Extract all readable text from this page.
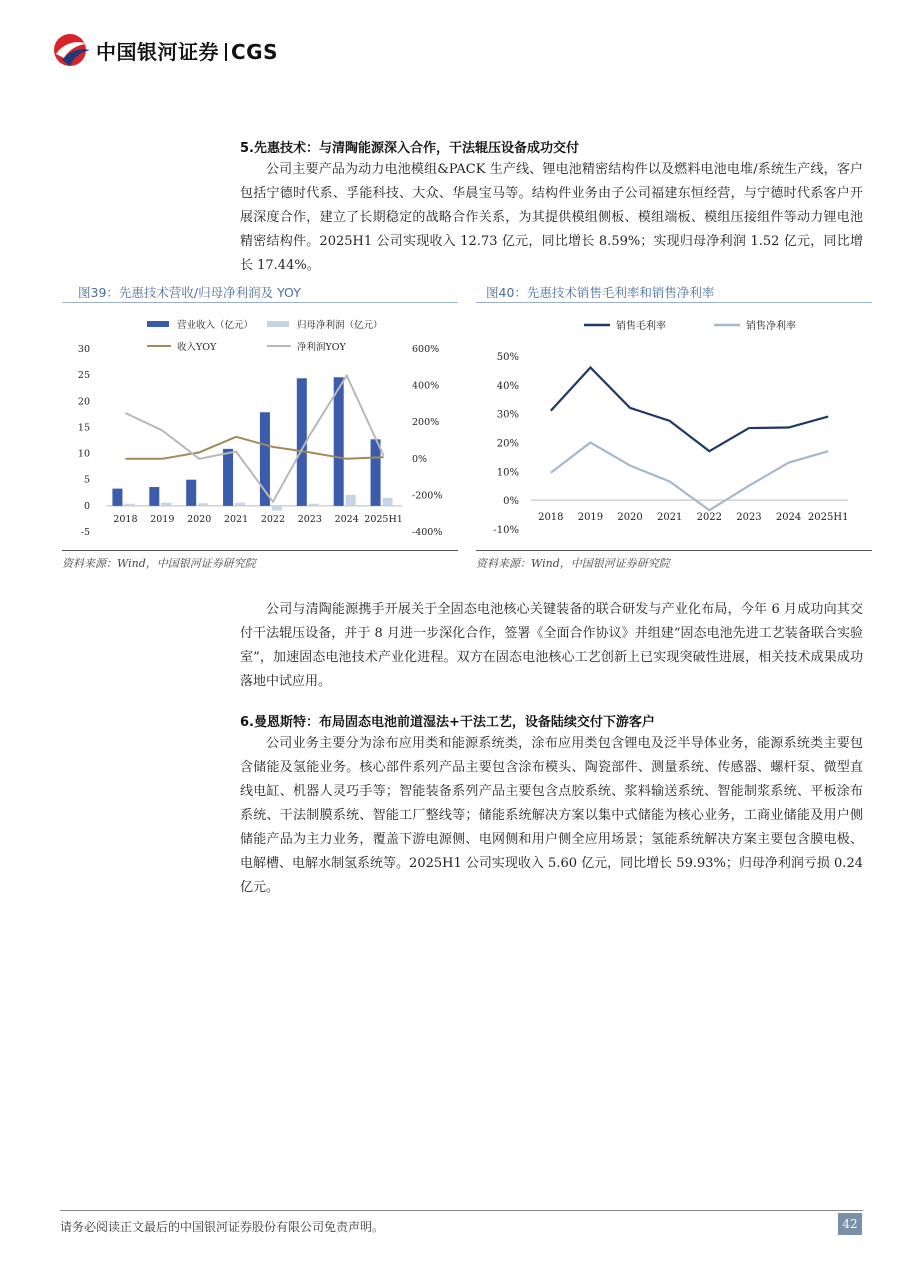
中国银河证券 CGS
5.先惠技术：与清陶能源深入合作，干法辊压设备成功交付
公司主要产品为动力电池模组&PACK 生产线、锂电池精密结构件以及燃料电池电堆/系统生产线，客户包括宁德时代系、孚能科技、大众、华晨宝马等。结构件业务由子公司福建东恒经营，与宁德时代系客户开展深度合作，建立了长期稳定的战略合作关系，为其提供模组侧板、模组端板、模组压接组件等动力锂电池精密结构件。2025H1 公司实现收入 12.73 亿元，同比增长 8.59%；实现归母净利润 1.52 亿元，同比增长 17.44%。
图39：先惠技术营收/归母净利润及 YOY	图40：先惠技术销售毛利率和销售净利率
营业收入（亿元）	归母净利润（亿元）
收入YOY	净利润YOY
30
25
20
15
10
5
0
-5
600%
400%
200%
0%
-200%
-400%
2018 2019 2020 2021 2022 2023 2024 2025H1
销售毛利率	销售净利率
50%
40%
30%
20%
10%
0%
-10%
2018 2019 2020 2021 2022 2023 2024 2025H1
资料来源：Wind，中国银河证券研究院	资料来源：Wind，中国银河证券研究院
公司与清陶能源携手开展关于全固态电池核心关键装备的联合研发与产业化布局，今年 6 月成功向其交付干法辊压设备，并于 8 月进一步深化合作，签署《全面合作协议》并组建“固态电池先进工艺装备联合实验室”，加速固态电池技术产业化进程。双方在固态电池核心工艺创新上已实现突破性进展，相关技术成果成功落地中试应用。
6.曼恩斯特：布局固态电池前道湿法+干法工艺，设备陆续交付下游客户
公司业务主要分为涂布应用类和能源系统类，涂布应用类包含锂电及泛半导体业务，能源系统类主要包含储能及氢能业务。核心部件系列产品主要包含涂布模头、陶瓷部件、测量系统、传感器、螺杆泵、微型直线电缸、机器人灵巧手等；智能装备系列产品主要包含点胶系统、浆料输送系统、智能制浆系统、平板涂布系统、干法制膜系统、智能工厂整线等；储能系统解决方案以集中式储能为核心业务，工商业储能及用户侧储能产品为主力业务，覆盖下游电源侧、电网侧和用户侧全应用场景；氢能系统解决方案主要包含膜电极、电解槽、电解水制氢系统等。2025H1 公司实现收入 5.60 亿元，同比增长 59.93%；归母净利润亏损 0.24 亿元。
请务必阅读正文最后的中国银河证券股份有限公司免责声明。	42
